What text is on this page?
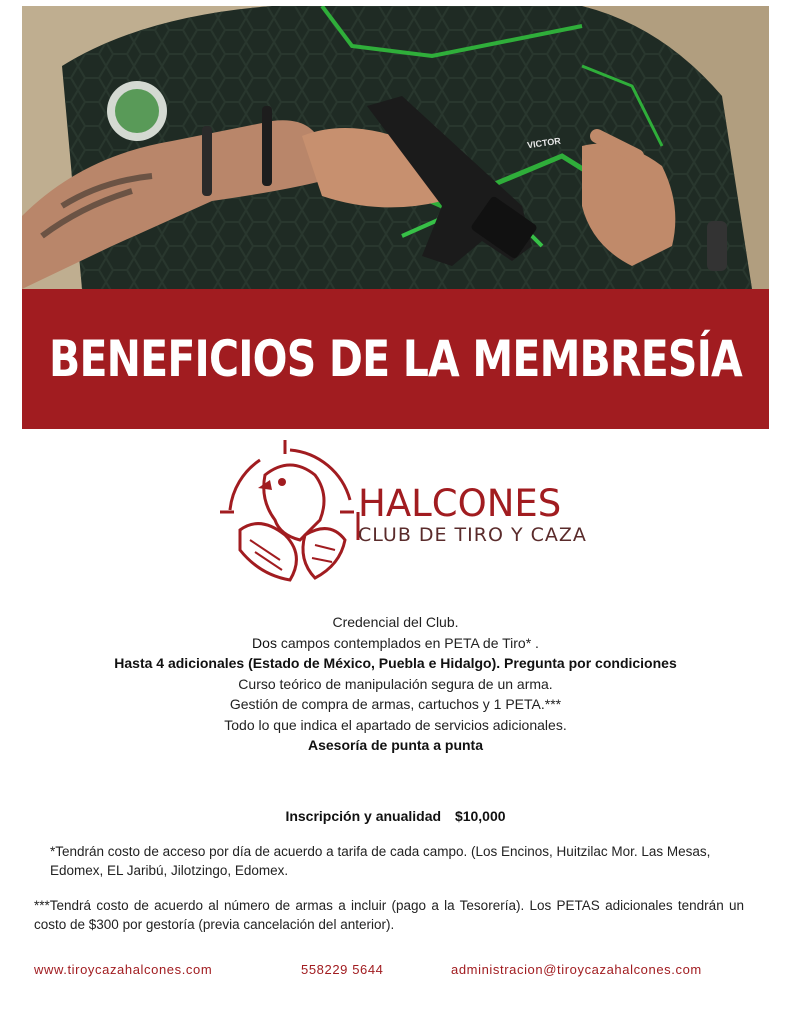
VICTOR
BENEFICIOS DE LA MEMBRESÍA
HALCONES
CLUB DE TIRO Y CAZA
Credencial del Club.
Dos campos contemplados en PETA de Tiro* .
Hasta 4 adicionales (Estado de México, Puebla e Hidalgo). Pregunta por condiciones
Curso teórico de manipulación segura de un arma.
Gestión de compra de armas, cartuchos y 1 PETA.***
Todo lo que indica el apartado de servicios adicionales.
Asesoría de punta a punta
Inscripción y anualidad $10,000
*Tendrán costo de acceso por día de acuerdo a tarifa de cada campo. (Los Encinos, Huitzilac Mor. Las Mesas, Edomex, EL Jaribú, Jilotzingo, Edomex.
***Tendrá costo de acuerdo al número de armas a incluir (pago a la Tesorería). Los PETAS adicionales tendrán un costo de $300 por gestoría (previa cancelación del anterior).
www.tiroycazahalcones.com	558229 5644	administracion@tiroycazahalcones.com
